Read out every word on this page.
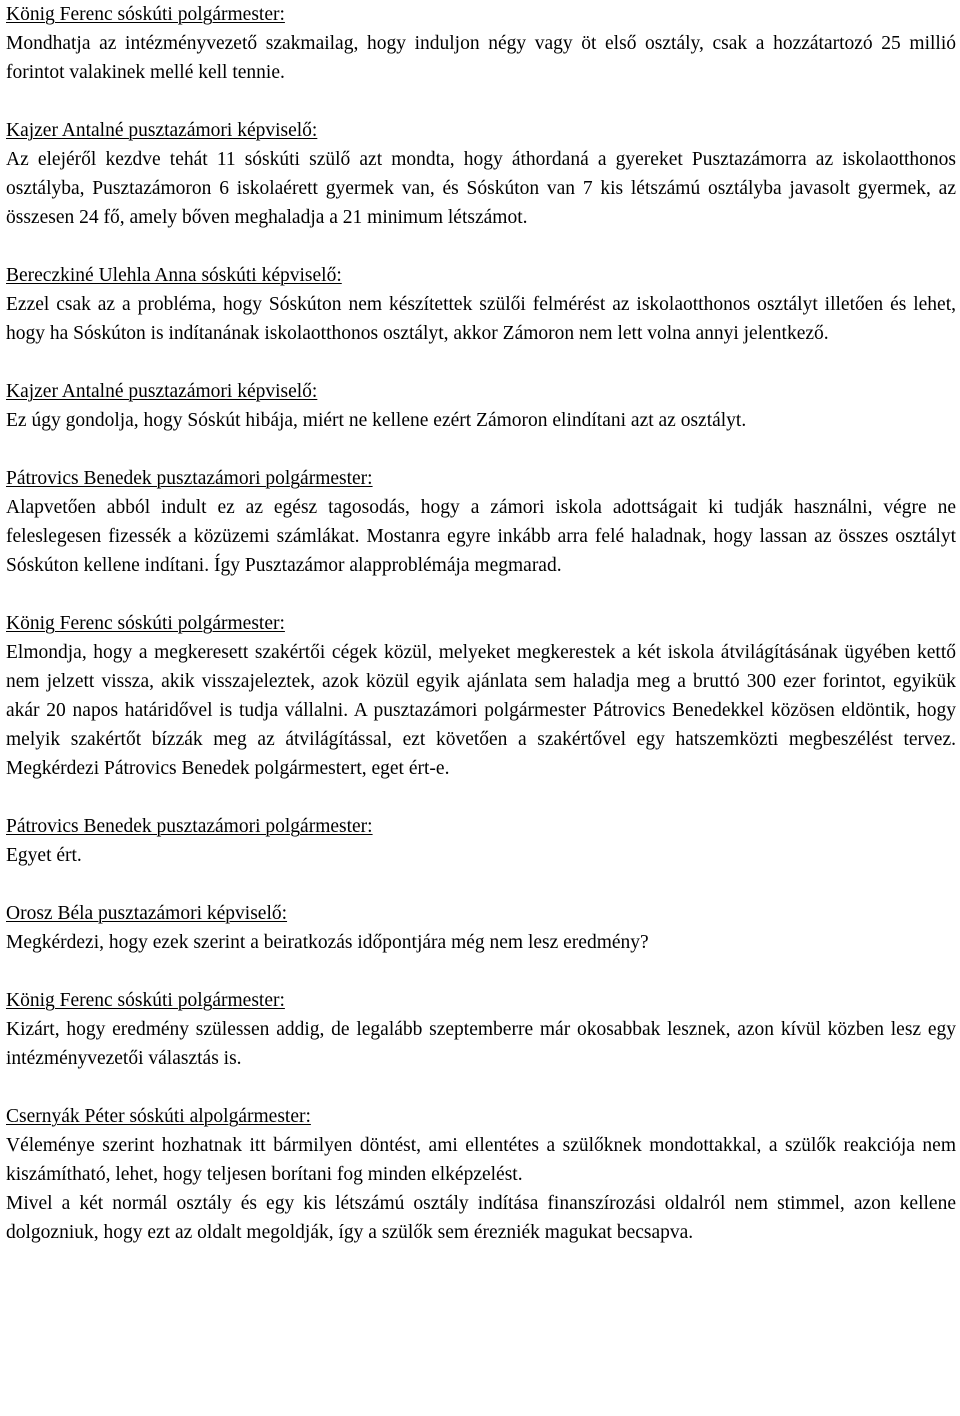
König Ferenc sóskúti polgármester:

Mondhatja az intézményvezető szakmailag, hogy induljon négy vagy öt első osztály, csak a hozzátartozó 25 millió forintot valakinek mellé kell tennie.

Kajzer Antalné pusztazámori képviselő:

Az elejéről kezdve tehát 11 sóskúti szülő azt mondta, hogy áthordaná a gyereket Pusztazámorra az iskolaotthonos osztályba, Pusztazámoron 6 iskolaérett gyermek van, és Sóskúton van 7 kis létszámú osztályba javasolt gyermek, az összesen 24 fő, amely bőven meghaladja a 21 minimum létszámot.

Bereczkiné Ulehla Anna sóskúti képviselő:

Ezzel csak az a probléma, hogy Sóskúton nem készítettek szülői felmérést az iskolaotthonos osztályt illetően és lehet, hogy ha Sóskúton is indítanának iskolaotthonos osztályt, akkor Zámoron nem lett volna annyi jelentkező.

Kajzer Antalné pusztazámori képviselő:

Ez úgy gondolja, hogy Sóskút hibája, miért ne kellene ezért Zámoron elindítani azt az osztályt.

Pátrovics Benedek pusztazámori polgármester:

Alapvetően abból indult ez az egész tagosodás, hogy a zámori iskola adottságait ki tudják használni, végre ne feleslegesen fizessék a közüzemi számlákat. Mostanra egyre inkább arra felé haladnak, hogy lassan az összes osztályt Sóskúton kellene indítani. Így Pusztazámor alapproblémája megmarad.

König Ferenc sóskúti polgármester:

Elmondja, hogy a megkeresett szakértői cégek közül, melyeket megkerestek a két iskola átvilágításának ügyében kettő nem jelzett vissza, akik visszajeleztek, azok közül egyik ajánlata sem haladja meg a bruttó 300 ezer forintot, egyikük akár 20 napos határidővel is tudja vállalni. A pusztazámori polgármester Pátrovics Benedekkel közösen eldöntik, hogy melyik szakértőt bízzák meg az átvilágítással, ezt követően a szakértővel egy hatszemközti megbeszélést tervez. Megkérdezi Pátrovics Benedek polgármestert, eget ért-e.

Pátrovics Benedek pusztazámori polgármester:

Egyet ért.

Orosz Béla pusztazámori képviselő:

Megkérdezi, hogy ezek szerint a beiratkozás időpontjára még nem lesz eredmény?

König Ferenc sóskúti polgármester:

Kizárt, hogy eredmény szülessen addig, de legalább szeptemberre már okosabbak lesznek, azon kívül közben lesz egy intézményvezetői választás is.

Csernyák Péter sóskúti alpolgármester:

Véleménye szerint hozhatnak itt bármilyen döntést, ami ellentétes a szülőknek mondottakkal, a szülők reakciója nem kiszámítható, lehet, hogy teljesen borítani fog minden elképzelést.

Mivel a két normál osztály és egy kis létszámú osztály indítása finanszírozási oldalról nem stimmel, azon kellene dolgozniuk, hogy ezt az oldalt megoldják, így a szülők sem érezniék magukat becsapva.
